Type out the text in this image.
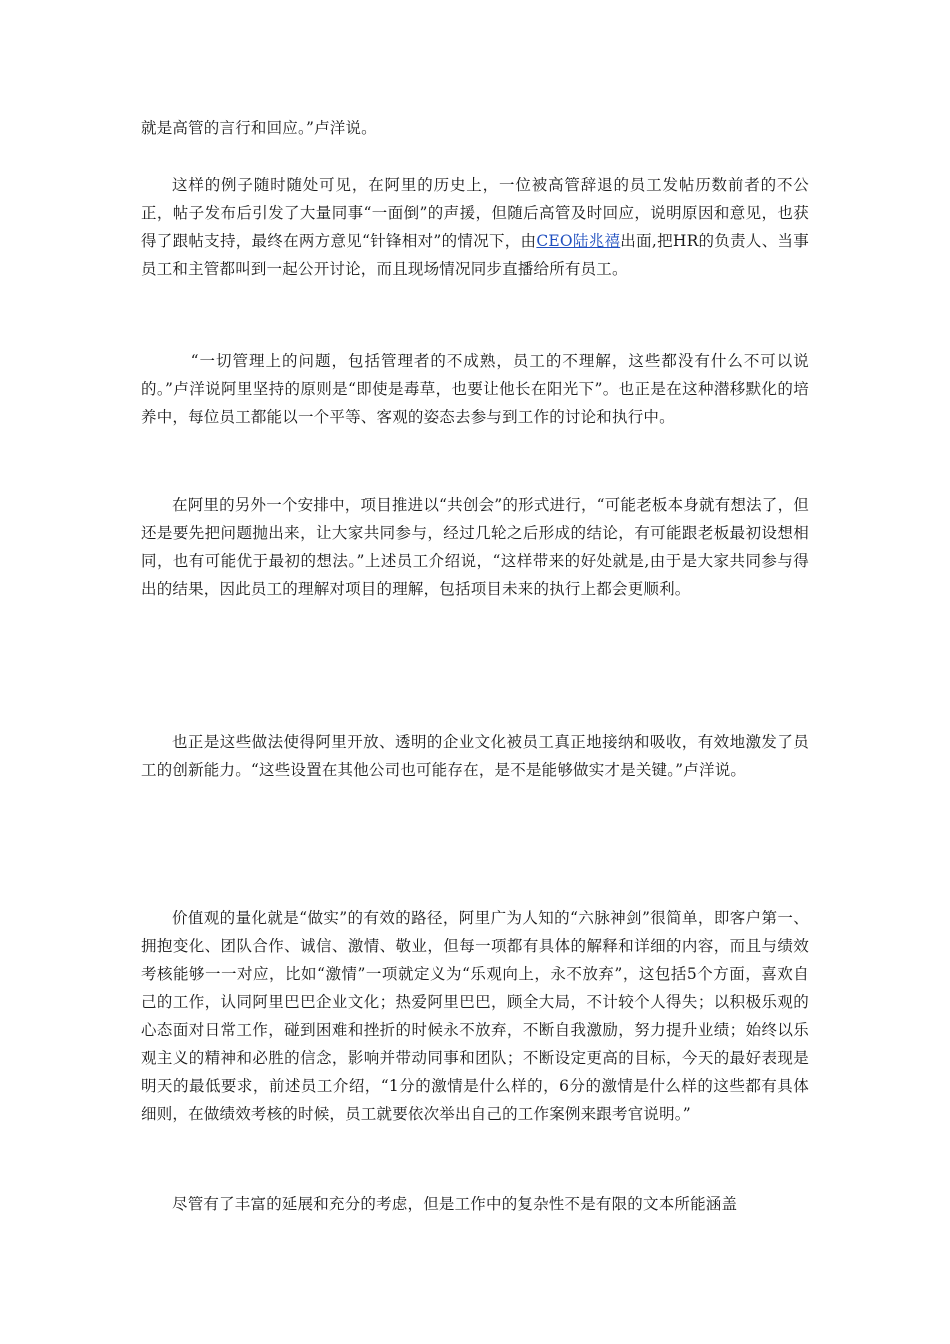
就是高管的言行和回应。”卢洋说。

这样的例子随时随处可见，在阿里的历史上，一位被高管辞退的员工发帖历数前者的不公正，帖子发布后引发了大量同事“一面倒”的声援，但随后高管及时回应，说明原因和意见，也获得了跟帖支持，最终在两方意见“针锋相对”的情况下，由CEO陆兆禧出面,把HR的负责人、当事员工和主管都叫到一起公开讨论，而且现场情况同步直播给所有员工。

“一切管理上的问题，包括管理者的不成熟，员工的不理解，这些都没有什么不可以说的。”卢洋说阿里坚持的原则是“即使是毒草，也要让他长在阳光下”。也正是在这种潜移默化的培养中，每位员工都能以一个平等、客观的姿态去参与到工作的讨论和执行中。

在阿里的另外一个安排中，项目推进以“共创会”的形式进行，“可能老板本身就有想法了，但还是要先把问题抛出来，让大家共同参与，经过几轮之后形成的结论，有可能跟老板最初设想相同，也有可能优于最初的想法。”上述员工介绍说，“这样带来的好处就是,由于是大家共同参与得出的结果，因此员工的理解对项目的理解，包括项目未来的执行上都会更顺利。

也正是这些做法使得阿里开放、透明的企业文化被员工真正地接纳和吸收，有效地激发了员工的创新能力。“这些设置在其他公司也可能存在，是不是能够做实才是关键。”卢洋说。

价值观的量化就是“做实”的有效的路径，阿里广为人知的“六脉神剑”很简单，即客户第一、拥抱变化、团队合作、诚信、激情、敬业，但每一项都有具体的解释和详细的内容，而且与绩效考核能够一一对应，比如“激情”一项就定义为“乐观向上，永不放弃”，这包括5个方面，喜欢自己的工作，认同阿里巴巴企业文化；热爱阿里巴巴，顾全大局，不计较个人得失；以积极乐观的心态面对日常工作，碰到困难和挫折的时候永不放弃，不断自我激励，努力提升业绩；始终以乐观主义的精神和必胜的信念，影响并带动同事和团队；不断设定更高的目标，今天的最好表现是明天的最低要求，前述员工介绍，“1分的激情是什么样的，6分的激情是什么样的这些都有具体细则，在做绩效考核的时候，员工就要依次举出自己的工作案例来跟考官说明。”

尽管有了丰富的延展和充分的考虑，但是工作中的复杂性不是有限的文本所能涵盖
